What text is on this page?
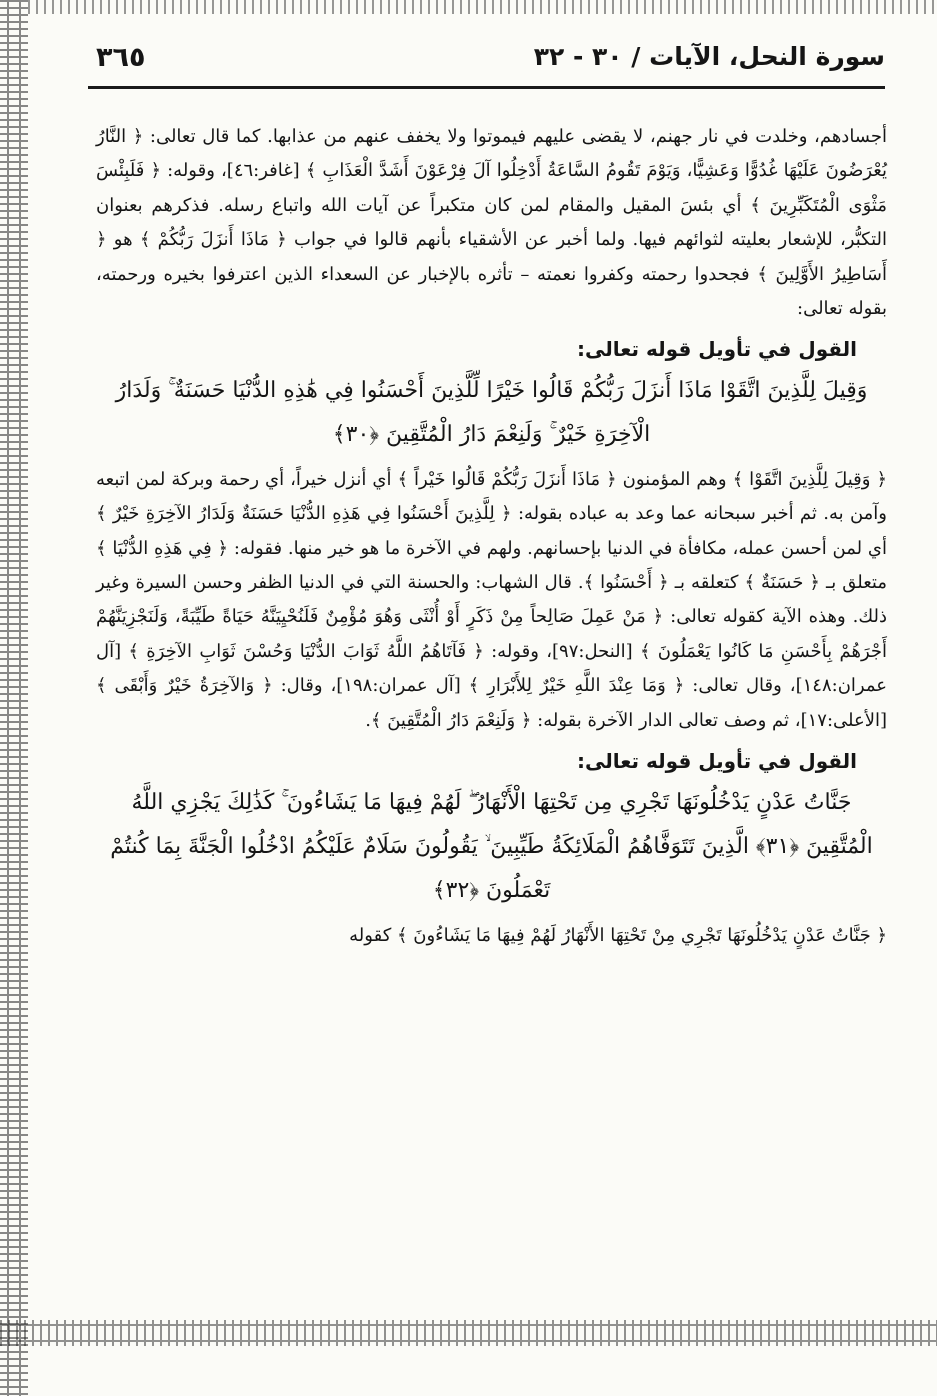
٣٦٥	سورة النحل، الآيات / ٣٠ - ٣٢

أجسادهم، وخلدت في نار جهنم، لا يقضى عليهم فيموتوا ولا يخفف عنهم من عذابها. كما قال تعالى: ﴿ النَّارُ يُعْرَضُونَ عَلَيْهَا غُدُوًّا وَعَشِيًّا، وَيَوْمَ تَقُومُ السَّاعَةُ أَدْخِلُوا آلَ فِرْعَوْنَ أَشَدَّ الْعَذَابِ ﴾ [غافر:٤٦]، وقوله: ﴿ فَلَبِئْسَ مَثْوَى الْمُتَكَبِّرِينَ ﴾ أي بئسَ المقيل والمقام لمن كان متكبراً عن آيات الله واتباع رسله. فذكرهم بعنوان التكبُّر، للإشعار بعليته لثوائهم فيها. ولما أخبر عن الأشقياء بأنهم قالوا في جواب ﴿ مَاذَا أَنزَلَ رَبُّكُمْ ﴾ هو ﴿ أَسَاطِيرُ الأَوَّلِينَ ﴾ فجحدوا رحمته وكفروا نعمته – تأثره بالإخبار عن السعداء الذين اعترفوا بخيره ورحمته، بقوله تعالى:

القول في تأويل قوله تعالى:

وَقِيلَ لِلَّذِينَ اتَّقَوْا مَاذَا أَنزَلَ رَبُّكُمْ قَالُوا خَيْرًا لِّلَّذِينَ أَحْسَنُوا فِي هَٰذِهِ الدُّنْيَا حَسَنَةٌ ۚ وَلَدَارُ الْآخِرَةِ خَيْرٌ ۚ وَلَنِعْمَ دَارُ الْمُتَّقِينَ ﴿٣٠﴾

﴿ وَقِيلَ لِلَّذِينَ اتَّقَوْا ﴾ وهم المؤمنون ﴿ مَاذَا أَنزَلَ رَبُّكُمْ قَالُوا خَيْراً ﴾ أي أنزل خيراً، أي رحمة وبركة لمن اتبعه وآمن به. ثم أخبر سبحانه عما وعد به عباده بقوله: ﴿ لِلَّذِينَ أَحْسَنُوا فِي هَذِهِ الدُّنْيَا حَسَنَةٌ وَلَدَارُ الآخِرَةِ خَيْرٌ ﴾ أي لمن أحسن عمله، مكافأة في الدنيا بإحسانهم. ولهم في الآخرة ما هو خير منها. فقوله: ﴿ فِي هَذِهِ الدُّنْيَا ﴾ متعلق بـ ﴿ حَسَنَةٌ ﴾ كتعلقه بـ ﴿ أَحْسَنُوا ﴾. قال الشهاب: والحسنة التي في الدنيا الظفر وحسن السيرة وغير ذلك. وهذه الآية كقوله تعالى: ﴿ مَنْ عَمِلَ صَالِحاً مِنْ ذَكَرٍ أَوْ أُنْثَى وَهُوَ مُؤْمِنٌ فَلَنُحْيِيَنَّهُ حَيَاةً طَيِّبَةً، وَلَنَجْزِيَنَّهُمْ أَجْرَهُمْ بِأَحْسَنِ مَا كَانُوا يَعْمَلُونَ ﴾ [النحل:٩٧]، وقوله: ﴿ فَآتَاهُمُ اللَّهُ ثَوَابَ الدُّنْيَا وَحُسْنَ ثَوَابِ الآخِرَةِ ﴾ [آل عمران:١٤٨]، وقال تعالى: ﴿ وَمَا عِنْدَ اللَّهِ خَيْرٌ لِلأَبْرَارِ ﴾ [آل عمران:١٩٨]، وقال: ﴿ وَالآخِرَةُ خَيْرٌ وَأَبْقَى ﴾ [الأعلى:١٧]، ثم وصف تعالى الدار الآخرة بقوله: ﴿ وَلَنِعْمَ دَارُ الْمُتَّقِينَ ﴾.

القول في تأويل قوله تعالى:

جَنَّاتُ عَدْنٍ يَدْخُلُونَهَا تَجْرِي مِن تَحْتِهَا الْأَنْهَارُ ۖ لَهُمْ فِيهَا مَا يَشَاءُونَ ۚ كَذَٰلِكَ يَجْزِي اللَّهُ الْمُتَّقِينَ ﴿٣١﴾ الَّذِينَ تَتَوَفَّاهُمُ الْمَلَائِكَةُ طَيِّبِينَ ۙ يَقُولُونَ سَلَامٌ عَلَيْكُمُ ادْخُلُوا الْجَنَّةَ بِمَا كُنتُمْ تَعْمَلُونَ ﴿٣٢﴾

﴿ جَنَّاتُ عَدْنٍ يَدْخُلُونَهَا تَجْرِي مِنْ تَحْتِهَا الأَنْهَارُ لَهُمْ فِيهَا مَا يَشَاءُونَ ﴾ كقوله
